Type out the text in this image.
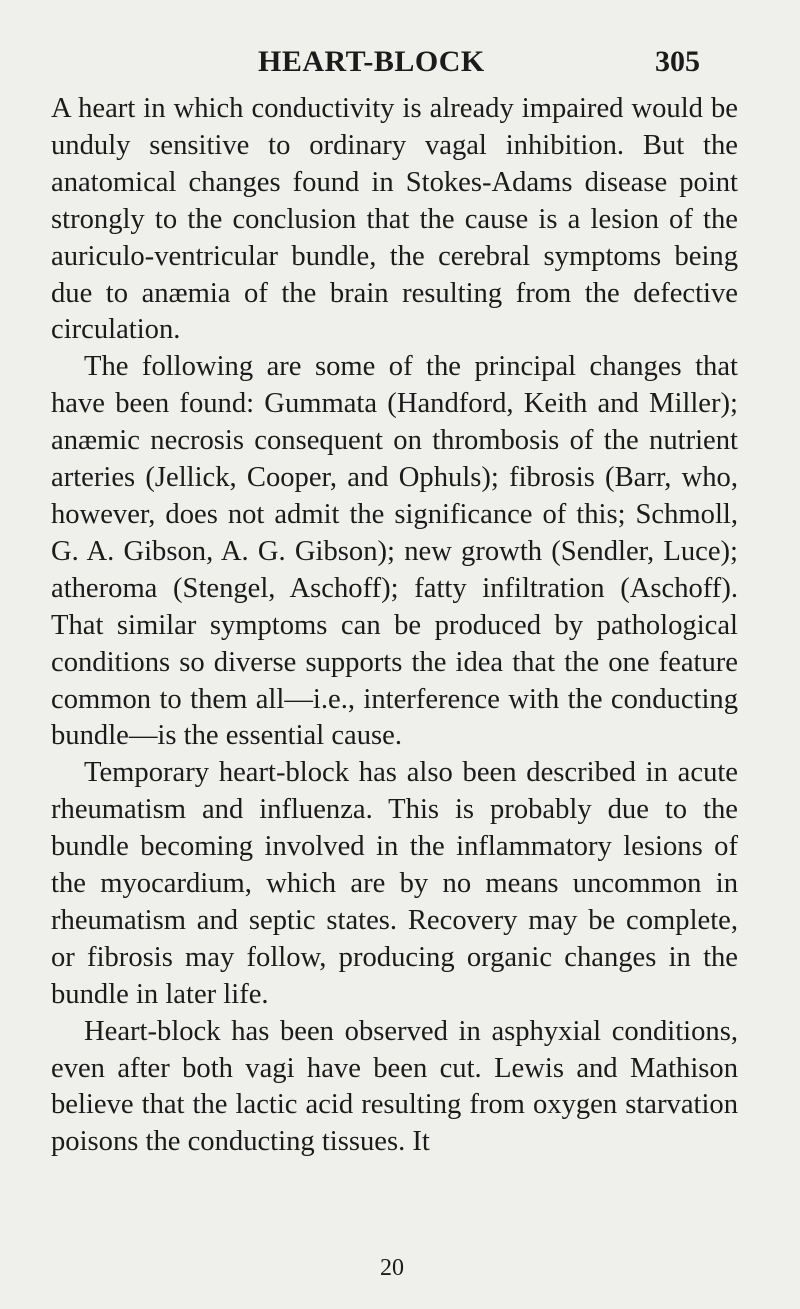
HEART-BLOCK	305

A heart in which conductivity is already impaired would be unduly sensitive to ordinary vagal inhibition. But the anatomical changes found in Stokes-Adams disease point strongly to the conclusion that the cause is a lesion of the auriculo-ventricular bundle, the cerebral symptoms being due to anæmia of the brain resulting from the defective circulation.

The following are some of the principal changes that have been found: Gummata (Handford, Keith and Miller); anæmic necrosis consequent on thrombosis of the nutrient arteries (Jellick, Cooper, and Ophuls); fibrosis (Barr, who, however, does not admit the significance of this; Schmoll, G. A. Gibson, A. G. Gibson); new growth (Sendler, Luce); atheroma (Stengel, Aschoff); fatty infiltration (Aschoff). That similar symptoms can be produced by pathological conditions so diverse supports the idea that the one feature common to them all—i.e., interference with the conducting bundle—is the essential cause.

Temporary heart-block has also been described in acute rheumatism and influenza. This is probably due to the bundle becoming involved in the inflammatory lesions of the myocardium, which are by no means uncommon in rheumatism and septic states. Recovery may be complete, or fibrosis may follow, producing organic changes in the bundle in later life.

Heart-block has been observed in asphyxial conditions, even after both vagi have been cut. Lewis and Mathison believe that the lactic acid resulting from oxygen starvation poisons the conducting tissues. It

20
